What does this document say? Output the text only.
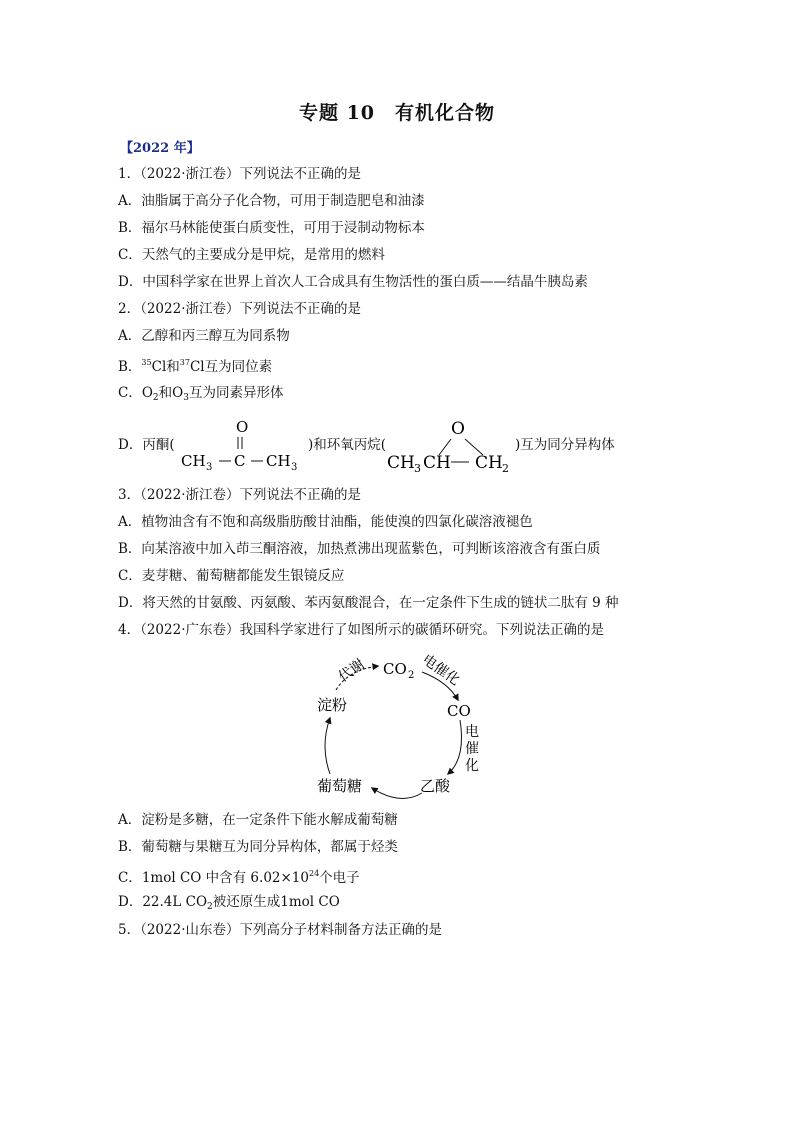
专题 10　有机化合物
【2022 年】
1．（2022·浙江卷）下列说法不正确的是
A．油脂属于高分子化合物，可用于制造肥皂和油漆
B．福尔马林能使蛋白质变性，可用于浸制动物标本
C．天然气的主要成分是甲烷，是常用的燃料
D．中国科学家在世界上首次人工合成具有生物活性的蛋白质——结晶牛胰岛素
2．（2022·浙江卷）下列说法不正确的是
A．乙醇和丙三醇互为同系物
B．$^{35}$Cl和$^{37}$Cl互为同位素
C．$O_2$和$O_3$互为同素异形体
D．丙酮(
O
CH 3 C CH 3
)和环氧丙烷(
O
CH 3 CH CH 2
)互为同分异构体
3．（2022·浙江卷）下列说法不正确的是
A．植物油含有不饱和高级脂肪酸甘油酯，能使溴的四氯化碳溶液褪色
B．向某溶液中加入茚三酮溶液，加热煮沸出现蓝紫色，可判断该溶液含有蛋白质
C．麦芽糖、葡萄糖都能发生银镜反应
D．将天然的甘氨酸、丙氨酸、苯丙氨酸混合，在一定条件下生成的链状二肽有 9 种
4．（2022·广东卷）我国科学家进行了如图所示的碳循环研究。下列说法正确的是
CO 2
CO
乙酸
葡萄糖
淀粉
代谢	电催化
电
催
化
A．淀粉是多糖，在一定条件下能水解成葡萄糖
B．葡萄糖与果糖互为同分异构体，都属于烃类
C．1mol CO 中含有 $6.02\times 10^{24}$个电子
D．22.4L $CO_2$被还原生成1mol CO
5．（2022·山东卷）下列高分子材料制备方法正确的是
